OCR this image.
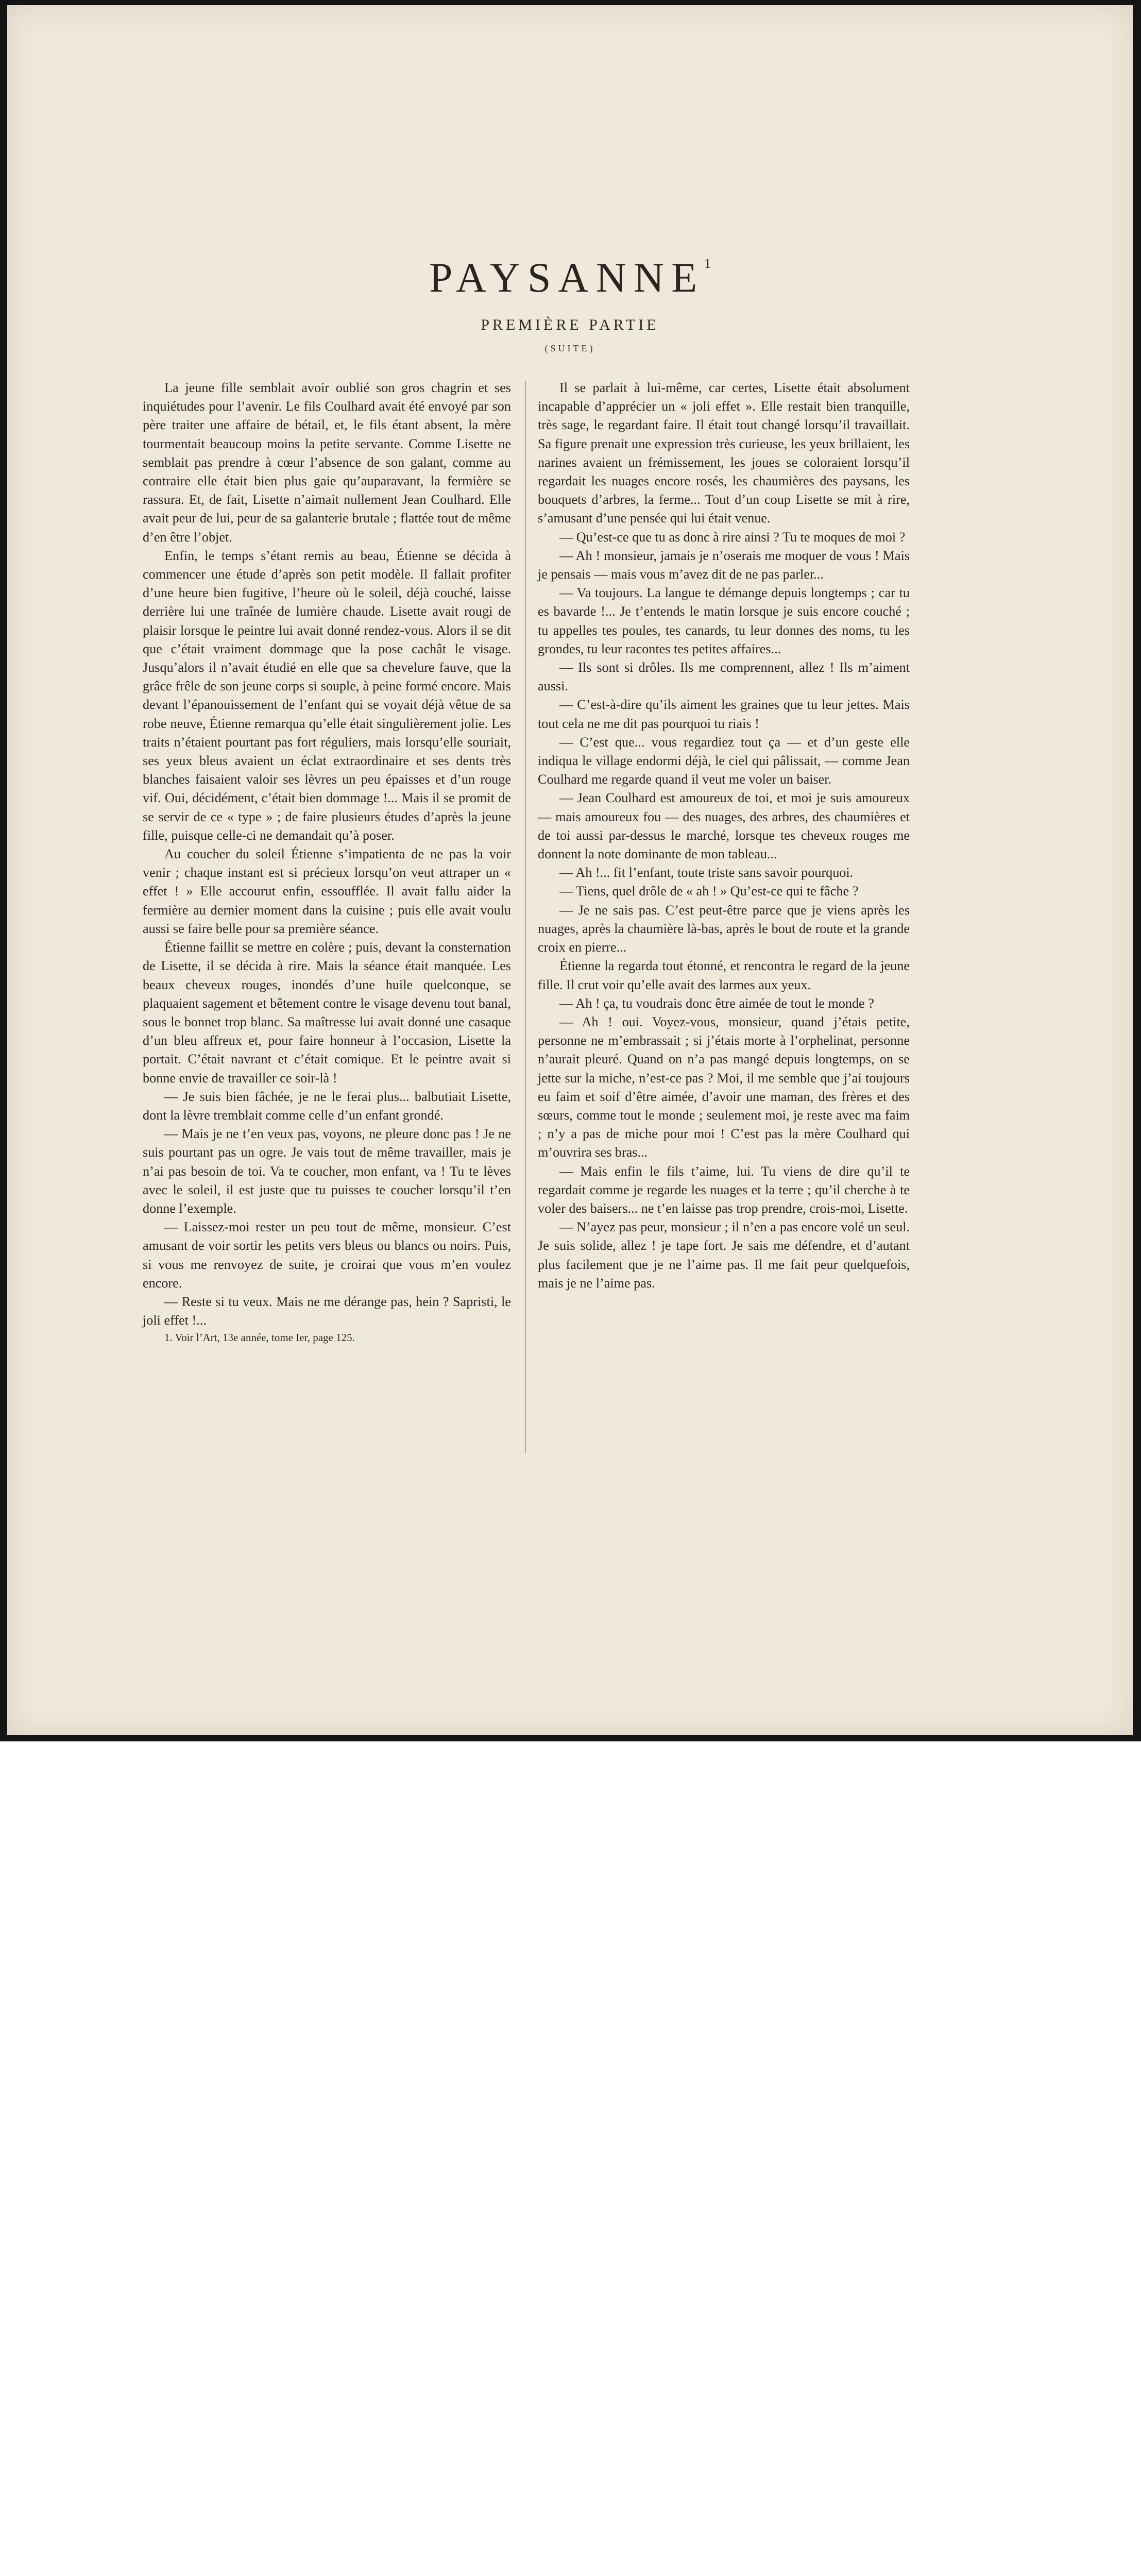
PAYSANNE$^1$
PREMIÈRE PARTIE
(SUITE)

La jeune fille semblait avoir oublié son gros chagrin et ses inquiétudes pour l’avenir. Le fils Coulhard avait été envoyé par son père traiter une affaire de bétail, et, le fils étant absent, la mère tourmentait beaucoup moins la petite servante. Comme Lisette ne semblait pas prendre à cœur l’absence de son galant, comme au contraire elle était bien plus gaie qu’auparavant, la fermière se rassura. Et, de fait, Lisette n’aimait nullement Jean Coulhard. Elle avait peur de lui, peur de sa galanterie brutale ; flattée tout de même d’en être l’objet.

Enfin, le temps s’étant remis au beau, Étienne se décida à commencer une étude d’après son petit modèle. Il fallait profiter d’une heure bien fugitive, l’heure où le soleil, déjà couché, laisse derrière lui une traînée de lumière chaude. Lisette avait rougi de plaisir lorsque le peintre lui avait donné rendez-vous. Alors il se dit que c’était vraiment dommage que la pose cachât le visage. Jusqu’alors il n’avait étudié en elle que sa chevelure fauve, que la grâce frêle de son jeune corps si souple, à peine formé encore. Mais devant l’épanouissement de l’enfant qui se voyait déjà vêtue de sa robe neuve, Étienne remarqua qu’elle était singulièrement jolie. Les traits n’étaient pourtant pas fort réguliers, mais lorsqu’elle souriait, ses yeux bleus avaient un éclat extraordinaire et ses dents très blanches faisaient valoir ses lèvres un peu épaisses et d’un rouge vif. Oui, décidément, c’était bien dommage !... Mais il se promit de se servir de ce « type » ; de faire plusieurs études d’après la jeune fille, puisque celle-ci ne demandait qu’à poser.

Au coucher du soleil Étienne s’impatienta de ne pas la voir venir ; chaque instant est si précieux lorsqu’on veut attraper un « effet ! » Elle accourut enfin, essoufflée. Il avait fallu aider la fermière au dernier moment dans la cuisine ; puis elle avait voulu aussi se faire belle pour sa première séance.

Étienne faillit se mettre en colère ; puis, devant la consternation de Lisette, il se décida à rire. Mais la séance était manquée. Les beaux cheveux rouges, inondés d’une huile quelconque, se plaquaient sagement et bêtement contre le visage devenu tout banal, sous le bonnet trop blanc. Sa maîtresse lui avait donné une casaque d’un bleu affreux et, pour faire honneur à l’occasion, Lisette la portait. C’était navrant et c’était comique. Et le peintre avait si bonne envie de travailler ce soir-là !

— Je suis bien fâchée, je ne le ferai plus... balbutiait Lisette, dont la lèvre tremblait comme celle d’un enfant grondé.

— Mais je ne t’en veux pas, voyons, ne pleure donc pas ! Je ne suis pourtant pas un ogre. Je vais tout de même travailler, mais je n’ai pas besoin de toi. Va te coucher, mon enfant, va ! Tu te lèves avec le soleil, il est juste que tu puisses te coucher lorsqu’il t’en donne l’exemple.

— Laissez-moi rester un peu tout de même, monsieur. C’est amusant de voir sortir les petits vers bleus ou blancs ou noirs. Puis, si vous me renvoyez de suite, je croirai que vous m’en voulez encore.

— Reste si tu veux. Mais ne me dérange pas, hein ? Sapristi, le joli effet !...

1. Voir l’Art, 13e année, tome Ier, page 125.

Il se parlait à lui-même, car certes, Lisette était absolument incapable d’apprécier un « joli effet ». Elle restait bien tranquille, très sage, le regardant faire. Il était tout changé lorsqu’il travaillait. Sa figure prenait une expression très curieuse, les yeux brillaient, les narines avaient un frémissement, les joues se coloraient lorsqu’il regardait les nuages encore rosés, les chaumières des paysans, les bouquets d’arbres, la ferme... Tout d’un coup Lisette se mit à rire, s’amusant d’une pensée qui lui était venue.

— Qu’est-ce que tu as donc à rire ainsi ? Tu te moques de moi ?

— Ah ! monsieur, jamais je n’oserais me moquer de vous ! Mais je pensais — mais vous m’avez dit de ne pas parler...

— Va toujours. La langue te démange depuis longtemps ; car tu es bavarde !... Je t’entends le matin lorsque je suis encore couché ; tu appelles tes poules, tes canards, tu leur donnes des noms, tu les grondes, tu leur racontes tes petites affaires...

— Ils sont si drôles. Ils me comprennent, allez ! Ils m’aiment aussi.

— C’est-à-dire qu’ils aiment les graines que tu leur jettes. Mais tout cela ne me dit pas pourquoi tu riais !

— C’est que... vous regardiez tout ça — et d’un geste elle indiqua le village endormi déjà, le ciel qui pâlissait, — comme Jean Coulhard me regarde quand il veut me voler un baiser.

— Jean Coulhard est amoureux de toi, et moi je suis amoureux — mais amoureux fou — des nuages, des arbres, des chaumières et de toi aussi par-dessus le marché, lorsque tes cheveux rouges me donnent la note dominante de mon tableau...

— Ah !... fit l’enfant, toute triste sans savoir pourquoi.

— Tiens, quel drôle de « ah ! » Qu’est-ce qui te fâche ?

— Je ne sais pas. C’est peut-être parce que je viens après les nuages, après la chaumière là-bas, après le bout de route et la grande croix en pierre...

Étienne la regarda tout étonné, et rencontra le regard de la jeune fille. Il crut voir qu’elle avait des larmes aux yeux.

— Ah ! ça, tu voudrais donc être aimée de tout le monde ?

— Ah ! oui. Voyez-vous, monsieur, quand j’étais petite, personne ne m’embrassait ; si j’étais morte à l’orphelinat, personne n’aurait pleuré. Quand on n’a pas mangé depuis longtemps, on se jette sur la miche, n’est-ce pas ? Moi, il me semble que j’ai toujours eu faim et soif d’être aimée, d’avoir une maman, des frères et des sœurs, comme tout le monde ; seulement moi, je reste avec ma faim ; n’y a pas de miche pour moi ! C’est pas la mère Coulhard qui m’ouvrira ses bras...

— Mais enfin le fils t’aime, lui. Tu viens de dire qu’il te regardait comme je regarde les nuages et la terre ; qu’il cherche à te voler des baisers... ne t’en laisse pas trop prendre, crois-moi, Lisette.

— N’ayez pas peur, monsieur ; il n’en a pas encore volé un seul. Je suis solide, allez ! je tape fort. Je sais me défendre, et d’autant plus facilement que je ne l’aime pas. Il me fait peur quelquefois, mais je ne l’aime pas.
